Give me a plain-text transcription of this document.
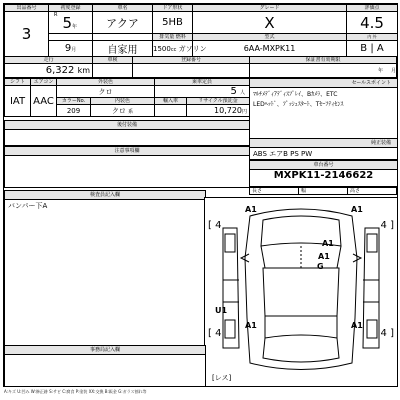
出品番号	初度登録		車名	ドア形状	グレード	評価点
3	R	5年	アクア	5HB	X	4.5
				排気量 燃料	型式	内 外
	9月		自家用	1500cc ガソリン	6AA-MXPK11	B | A
走行	車検	登録番号
6,322 km		
保証書有効期限
年 月
セールスポイント
ﾏﾙﾁﾒﾃﾞｨｱﾃﾞｨｽﾌﾟﾚｲ、Bｶﾒﾗ、ETC
LEDﾍｯﾄﾞ、ﾌﾟｯｼｭｽﾀｰﾄ、Tｾｰﾌﾃｨｾﾝｽ
シフト	エアコン	外装色		乗車定員	
IAT	AAC	クロ		5 人	
		カラーNo.	内装色	輸入車	リサイクル預託金
		209	クロ 系		10,720円
後付装備
純正装備
ABS エアB PS PW
注意事項欄
車台番号
MXPK11-2146622
長さ	幅	高さ
検査員記入欄
バンパー下A
[ 4	4 ]
[ 4	4 ]
A1	A1
A1
A1
G
U1
A1	A1
[レス]
事務局記入欄
A:キズ U:凹み W:修正跡 S:サビ C:腐食 P:塗装 XX:交換 B:鈑金 G:ガラス割れ等
